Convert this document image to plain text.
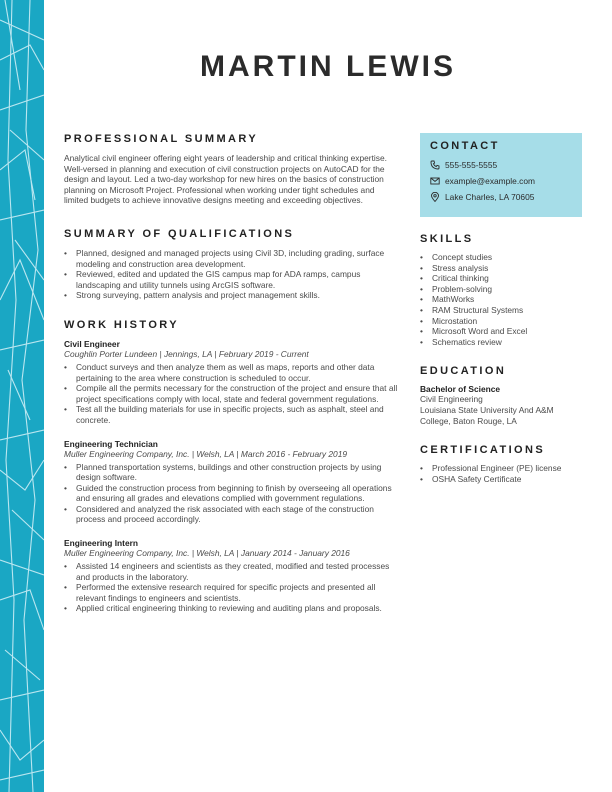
MARTIN LEWIS
PROFESSIONAL SUMMARY

Analytical civil engineer offering eight years of leadership and critical thinking expertise. Well-versed in planning and execution of civil construction projects on AutoCAD for the design and layout. Led a two-day workshop for new hires on the basics of construction planning on Microsoft Project. Professional when working under tight schedules and limited budgets to achieve innovative designs meeting and exceeding objectives.

SUMMARY OF QUALIFICATIONS
• Planned, designed and managed projects using Civil 3D, including grading, surface modeling and construction area development.
• Reviewed, edited and updated the GIS campus map for ADA ramps, campus landscaping and utility tunnels using ArcGIS software.
• Strong surveying, pattern analysis and project management skills.
WORK HISTORY
Civil Engineer
Coughlin Porter Lundeen | Jennings, LA | February 2019 - Current
• Conduct surveys and then analyze them as well as maps, reports and other data pertaining to the area where construction is scheduled to occur.
• Compile all the permits necessary for the construction of the project and ensure that all project specifications comply with local, state and federal government regulations.
• Test all the building materials for use in specific projects, such as asphalt, steel and concrete.
Engineering Technician
Muller Engineering Company, Inc. | Welsh, LA | March 2016 - February 2019
• Planned transportation systems, buildings and other construction projects by using design software.
• Guided the construction process from beginning to finish by overseeing all operations and ensuring all grades and elevations complied with government regulations.
• Considered and analyzed the risk associated with each stage of the construction process and proceed accordingly.
Engineering Intern
Muller Engineering Company, Inc. | Welsh, LA | January 2014 - January 2016
• Assisted 14 engineers and scientists as they created, modified and tested processes and products in the laboratory.
• Performed the extensive research required for specific projects and presented all relevant findings to engineers and scientists.
• Applied critical engineering thinking to reviewing and auditing plans and proposals.
CONTACT
555-555-5555
example@example.com
Lake Charles, LA 70605
SKILLS
• Concept studies
• Stress analysis
• Critical thinking
• Problem-solving
• MathWorks
• RAM Structural Systems
• Microstation
• Microsoft Word and Excel
• Schematics review
EDUCATION
Bachelor of Science

Civil Engineering

Louisiana State University And A&M College, Baton Rouge, LA

CERTIFICATIONS
• Professional Engineer (PE) license
• OSHA Safety Certificate
